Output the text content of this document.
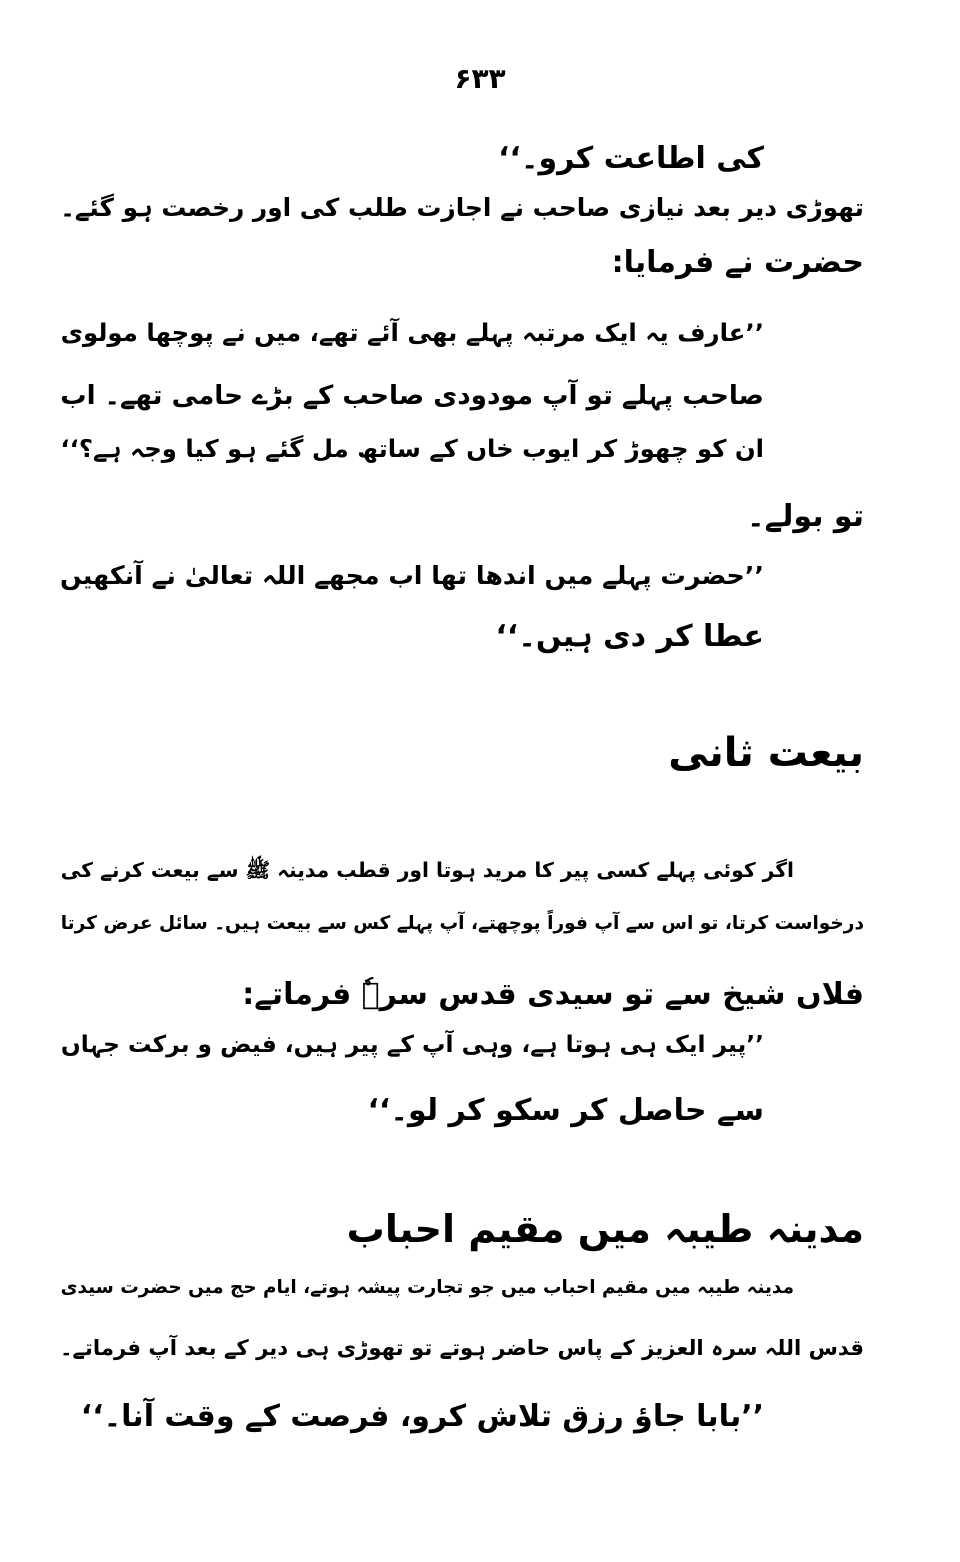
۶۳۳
کی اطاعت کرو۔‘‘
تھوڑی دیر بعد نیازی صاحب نے اجازت طلب کی اور رخصت ہو گئے۔
حضرت نے فرمایا:
’’عارف یہ ایک مرتبہ پہلے بھی آئے تھے، میں نے پوچھا مولوی
صاحب پہلے تو آپ مودودی صاحب کے بڑے حامی تھے۔ اب
ان کو چھوڑ کر ایوب خاں کے ساتھ مل گئے ہو کیا وجہ ہے؟‘‘
تو بولے۔
’’حضرت پہلے میں اندھا تھا اب مجھے اللہ تعالیٰ نے آنکھیں
عطا کر دی ہیں۔‘‘
بیعت ثانی
اگر کوئی پہلے کسی پیر کا مرید ہوتا اور قطب مدینہ ﷺ سے بیعت کرنے کی
درخواست کرتا، تو اس سے آپ فوراً پوچھتے، آپ پہلے کس سے بیعت ہیں۔ سائل عرض کرتا
فلاں شیخ سے تو سیدی قدس سرہٗ فرماتے:
’’پیر ایک ہی ہوتا ہے، وہی آپ کے پیر ہیں، فیض و برکت جہاں
سے حاصل کر سکو کر لو۔‘‘
مدینہ طیبہ میں مقیم احباب
مدینہ طیبہ میں مقیم احباب میں جو تجارت پیشہ ہوتے، ایام حج میں حضرت سیدی
قدس اللہ سرہ العزیز کے پاس حاضر ہوتے تو تھوڑی ہی دیر کے بعد آپ فرماتے۔
’’بابا جاؤ رزق تلاش کرو، فرصت کے وقت آنا۔‘‘
